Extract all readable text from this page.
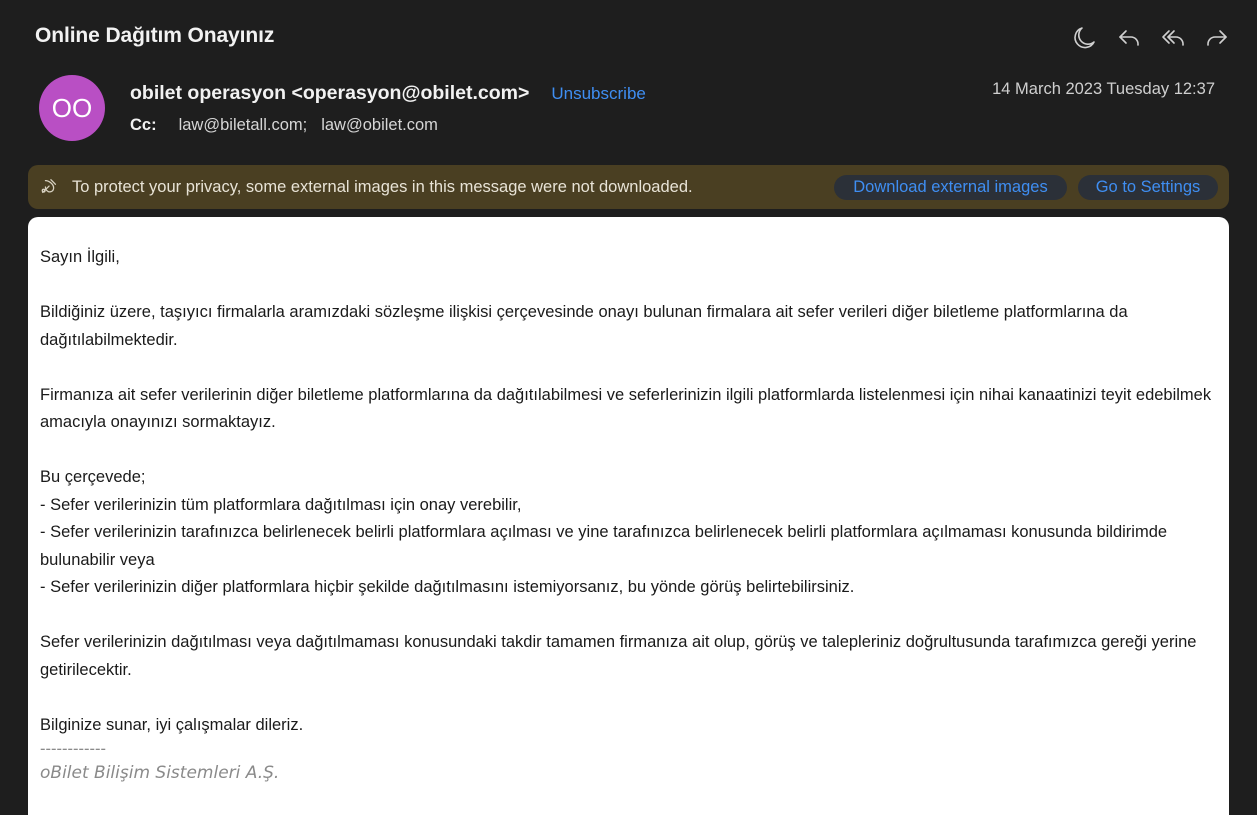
Online Dağıtım Onayınız
OO	obilet operasyon <operasyon@obilet.com> Unsubscribe	14 March 2023 Tuesday 12:37
Cc: law@biletall.com; law@obilet.com
To protect your privacy, some external images in this message were not downloaded.	Download external images	Go to Settings

Sayın İlgili,

Bildiğiniz üzere, taşıyıcı firmalarla aramızdaki sözleşme ilişkisi çerçevesinde onayı bulunan firmalara ait sefer verileri diğer biletleme platformlarına da dağıtılabilmektedir.

Firmanıza ait sefer verilerinin diğer biletleme platformlarına da dağıtılabilmesi ve seferlerinizin ilgili platformlarda listelenmesi için nihai kanaatinizi teyit edebilmek amacıyla onayınızı sormaktayız.

Bu çerçevede;

- Sefer verilerinizin tüm platformlara dağıtılması için onay verebilir,

- Sefer verilerinizin tarafınızca belirlenecek belirli platformlara açılması ve yine tarafınızca belirlenecek belirli platformlara açılmaması konusunda bildirimde bulunabilir veya

- Sefer verilerinizin diğer platformlara hiçbir şekilde dağıtılmasını istemiyorsanız, bu yönde görüş belirtebilirsiniz.

Sefer verilerinizin dağıtılması veya dağıtılmaması konusundaki takdir tamamen firmanıza ait olup, görüş ve talepleriniz doğrultusunda tarafımızca gereği yerine getirilecektir.

Bilginize sunar, iyi çalışmalar dileriz.

------------
oBilet Bilişim Sistemleri A.Ş.
